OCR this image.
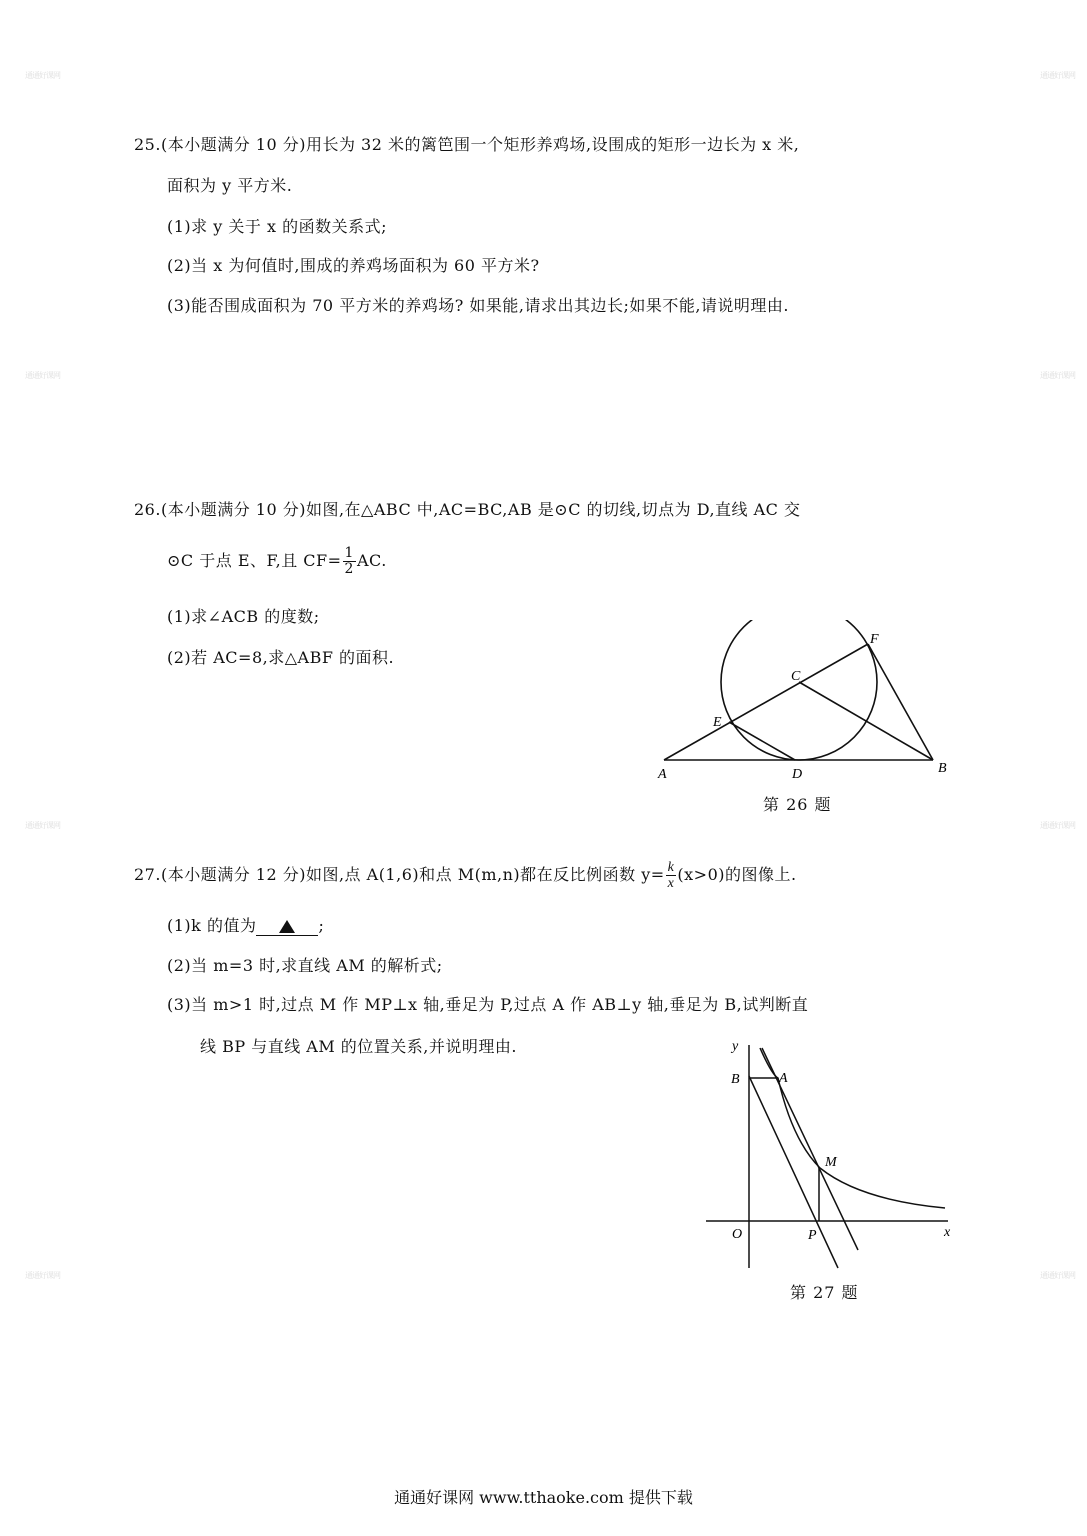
25.(本小题满分 10 分)用长为 32 米的篱笆围一个矩形养鸡场,设围成的矩形一边长为 x 米,
面积为 y 平方米.
(1)求 y 关于 x 的函数关系式;
(2)当 x 为何值时,围成的养鸡场面积为 60 平方米?
(3)能否围成面积为 70 平方米的养鸡场? 如果能,请求出其边长;如果不能,请说明理由.
26.(本小题满分 10 分)如图,在△ABC 中,AC=BC,AB 是⊙C 的切线,切点为 D,直线 AC 交
⊙C 于点 E、F,且 $CF= \frac{1}{2}$ AC.
(1)求∠ACB 的度数;
(2)若 AC=8,求△ABF 的面积.
A	D	B
C
E
F
第 26 题
27.(本小题满分 12 分)如图,点 A(1,6)和点 M(m,n)都在反比例函数 $y= \frac{k}{x} (x>0)$的图像上.
(1)k 的值为	;
(2)当 m=3 时,求直线 AM 的解析式;
(3)当 m>1 时,过点 M 作 MP⊥x 轴,垂足为 P,过点 A 作 AB⊥y 轴,垂足为 B,试判断直
线 BP 与直线 AM 的位置关系,并说明理由.	y
B	A
M
O	P	x
第 27 题
通通好课网 www.tthaoke.com 提供下载
通通好课网	通通好课网
通通好课网	通通好课网
通通好课网	通通好课网
通通好课网	通通好课网
